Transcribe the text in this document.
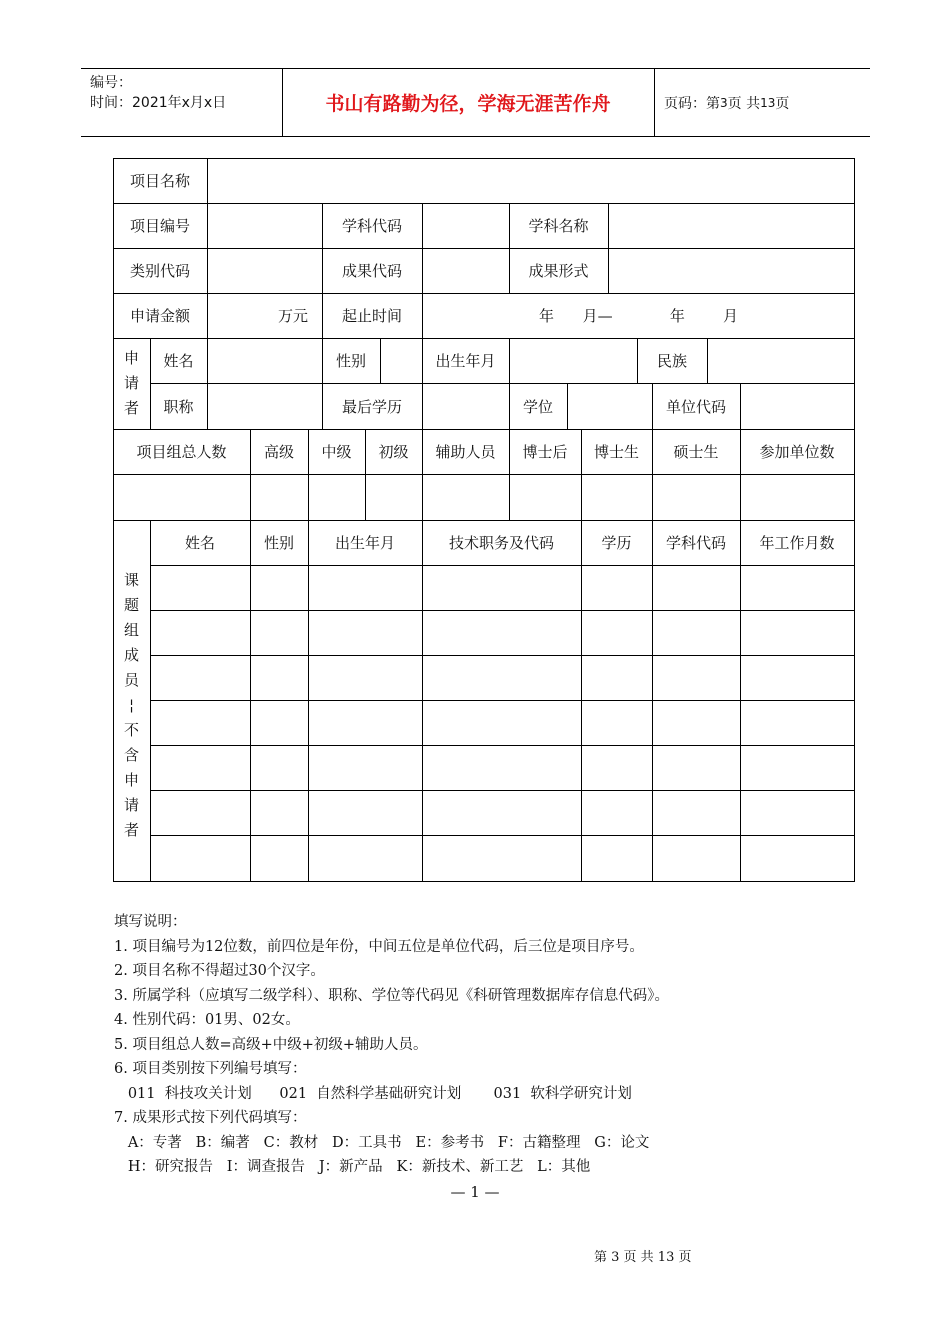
编号：
时间：2021年x月x日	书山有路勤为径，学海无涯苦作舟	页码：第 3 页 共 13 页
项目名称
项目编号	学科代码	学科名称
类别代码	成果代码	成果形式
申请金额	万元	起止时间	年      月—            年        月
申
请
者
姓名	性别	出生年月	民族
职称	最后学历	学位	单位代码
项目组总人数	高级	中级	初级	辅助人员	博士后	博士生	硕士生	参加单位数
课
题
组
成
员
¦
不
含
申
请
者
姓名	性别	出生年月	技术职务及代码	学历	学科代码	年工作月数
填写说明：
1. 项目编号为12位数，前四位是年份，中间五位是单位代码，后三位是项目序号。
2. 项目名称不得超过30个汉字。
3. 所属学科（应填写二级学科）、职称、学位等代码见《科研管理数据库存信息代码》。
4. 性别代码：01男、02女。
5. 项目组总人数=高级+中级+初级+辅助人员。
6. 项目类别按下列编号填写：
011  科技攻关计划      021  自然科学基础研究计划       031  软科学研究计划
7. 成果形式按下列代码填写：
A：专著   B：编著   C：教材   D：工具书   E：参考书   F：古籍整理   G：论文
H：研究报告   I：调查报告   J：新产品   K：新技术、新工艺   L：其他
— 1 —
第 3 页 共 13 页
